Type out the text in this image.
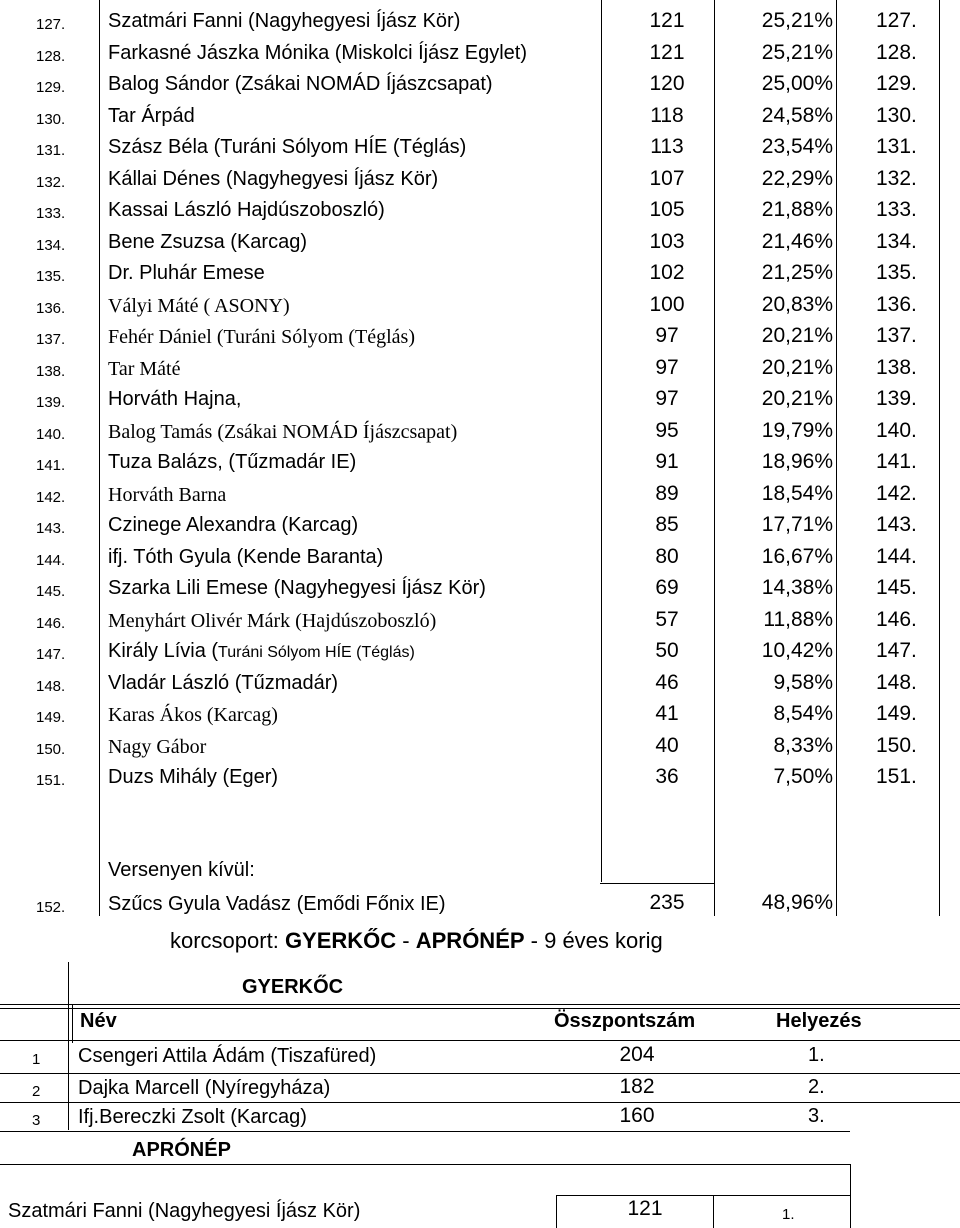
127. Szatmári Fanni (Nagyhegyesi Íjász Kör)	121	25,21% 127.
128. Farkasné Jászka Mónika (Miskolci Íjász Egylet)	121	25,21% 128.
129. Balog Sándor (Zsákai NOMÁD Íjászcsapat)	120	25,00% 129.
130. Tar Árpád	118	24,58% 130.
131. Szász Béla (Turáni Sólyom HÍE (Téglás)	113	23,54% 131.
132. Kállai Dénes (Nagyhegyesi Íjász Kör)	107	22,29% 132.
133. Kassai László Hajdúszoboszló)	105	21,88% 133.
134. Bene Zsuzsa (Karcag)	103	21,46% 134.
135. Dr. Pluhár Emese	102	21,25% 135.
136. Vályi Máté ( ASONY)	100	20,83% 136.
137. Fehér Dániel (Turáni Sólyom (Téglás)	97	20,21% 137.
138. Tar Máté	97	20,21% 138.
139. Horváth Hajna,	97	20,21% 139.
140. Balog Tamás (Zsákai NOMÁD Íjászcsapat)	95	19,79% 140.
141. Tuza Balázs, (Tűzmadár IE)	91	18,96% 141.
142. Horváth Barna	89	18,54% 142.
143. Czinege Alexandra (Karcag)	85	17,71% 143.
144. ifj. Tóth Gyula (Kende Baranta)	80	16,67% 144.
145. Szarka Lili Emese (Nagyhegyesi Íjász Kör)	69	14,38% 145.
146. Menyhárt Olivér Márk (Hajdúszoboszló)	57	11,88% 146.
147. Király Lívia (Turáni Sólyom HÍE (Téglás)	50	10,42% 147.
148. Vladár László (Tűzmadár)	46	9,58% 148.
149. Karas Ákos (Karcag)	41	8,54% 149.
150. Nagy Gábor	40	8,33% 150.
151. Duzs Mihály (Eger)	36	7,50% 151.
Versenyen kívül:
152. Szűcs Gyula Vadász (Emődi Főnix IE)	235	48,96%
korcsoport: GYERKŐC - APRÓNÉP - 9 éves korig
GYERKŐC
Név	Összpontszám	Helyezés
1 Csengeri Attila Ádám (Tiszafüred)	204	1.
2 Dajka Marcell (Nyíregyháza)	182	2.
3 Ifj.Bereczki Zsolt (Karcag)	160	3.
APRÓNÉP
Szatmári Fanni (Nagyhegyesi Íjász Kör)	121	1.
